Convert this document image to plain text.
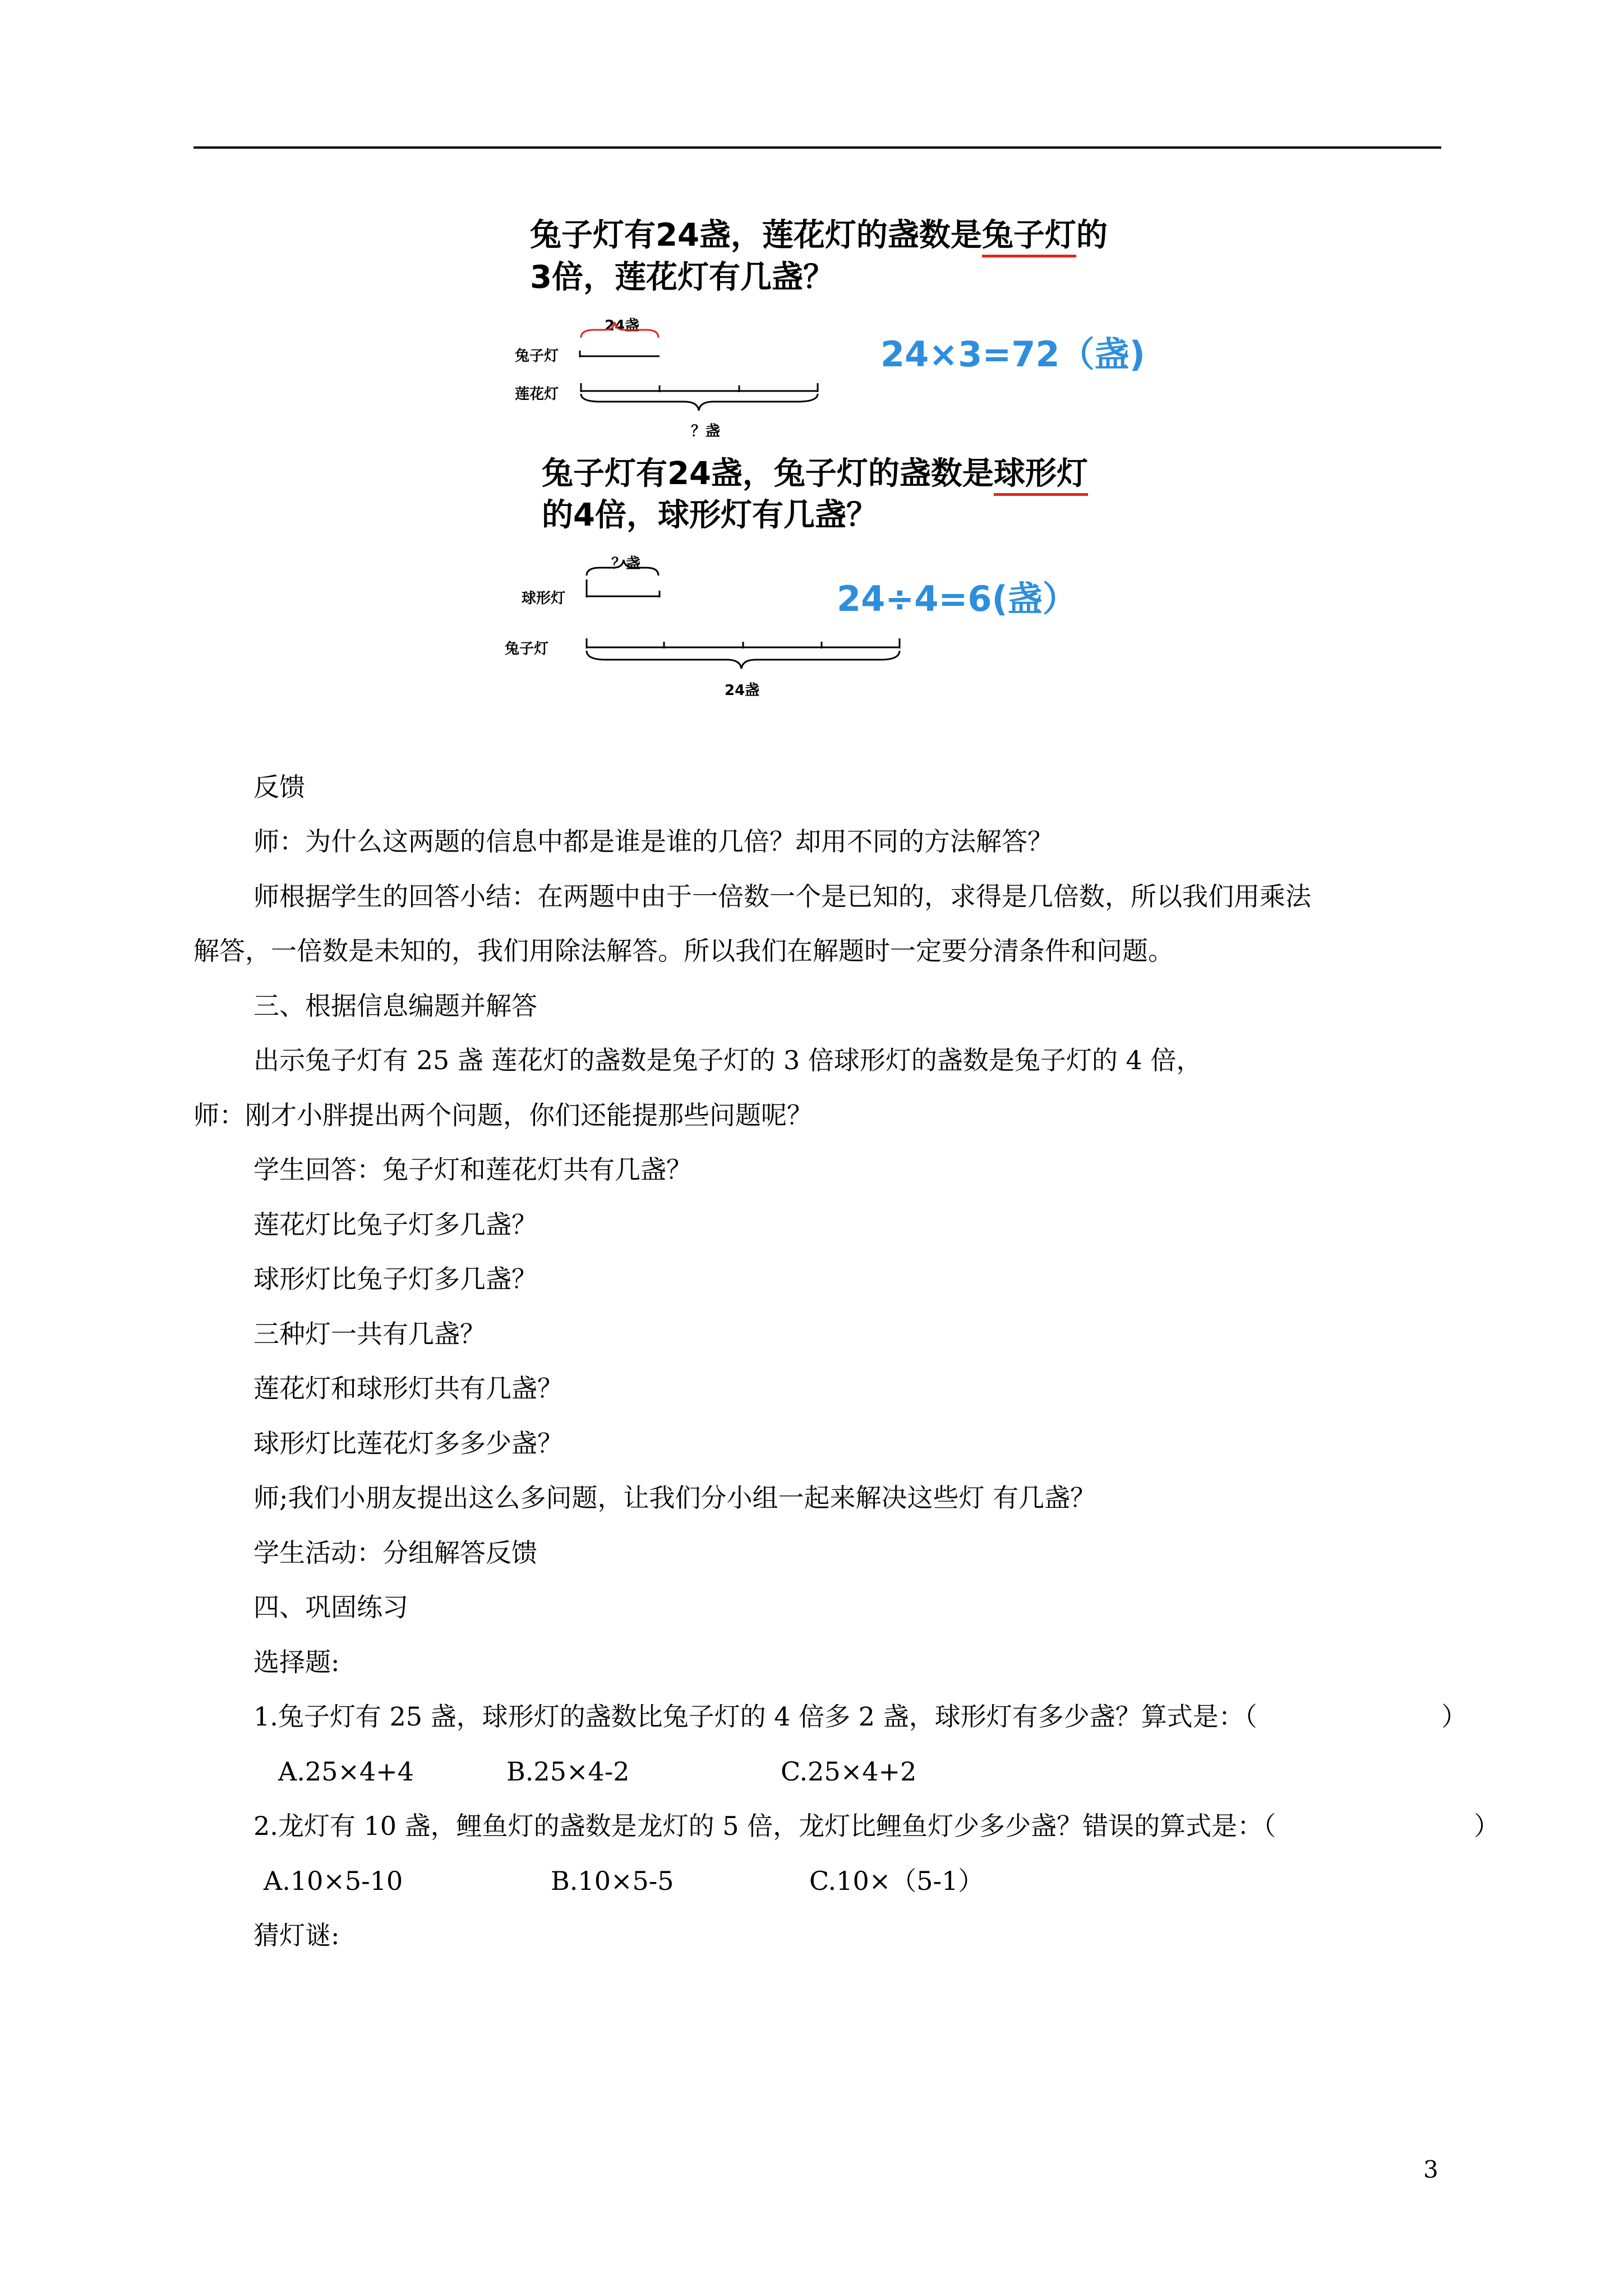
兔子灯有24盏，莲花灯的盏数是兔子灯的
3倍，莲花灯有几盏？
24盏
兔子灯
莲花灯
？盏
24×3=72（盏)
兔子灯有24盏，兔子灯的盏数是球形灯
的4倍，球形灯有几盏？
？盏
球形灯
兔子灯
24盏
24÷4=6(盏）
反馈
师：为什么这两题的信息中都是谁是谁的几倍？却用不同的方法解答？
师根据学生的回答小结：在两题中由于一倍数一个是已知的，求得是几倍数，所以我们用乘法
解答，一倍数是未知的，我们用除法解答。所以我们在解题时一定要分清条件和问题。
三、根据信息编题并解答
出示兔子灯有 25 盏 莲花灯的盏数是兔子灯的 3 倍球形灯的盏数是兔子灯的 4 倍，
师：刚才小胖提出两个问题，你们还能提那些问题呢？
学生回答：兔子灯和莲花灯共有几盏？
莲花灯比兔子灯多几盏？
球形灯比兔子灯多几盏？
三种灯一共有几盏？
莲花灯和球形灯共有几盏？
球形灯比莲花灯多多少盏？
师;我们小朋友提出这么多问题，让我们分小组一起来解决这些灯 有几盏？
学生活动：分组解答反馈
四、巩固练习
选择题:
1.兔子灯有 25 盏，球形灯的盏数比兔子灯的 4 倍多 2 盏，球形灯有多少盏？算式是：（	）
A.25×4+4	B.25×4-2	C.25×4+2
2.龙灯有 10 盏，鲤鱼灯的盏数是龙灯的 5 倍，龙灯比鲤鱼灯少多少盏？错误的算式是：（	）
A.10×5-10	B.10×5-5	C.10×（5-1）
猜灯谜:
3
